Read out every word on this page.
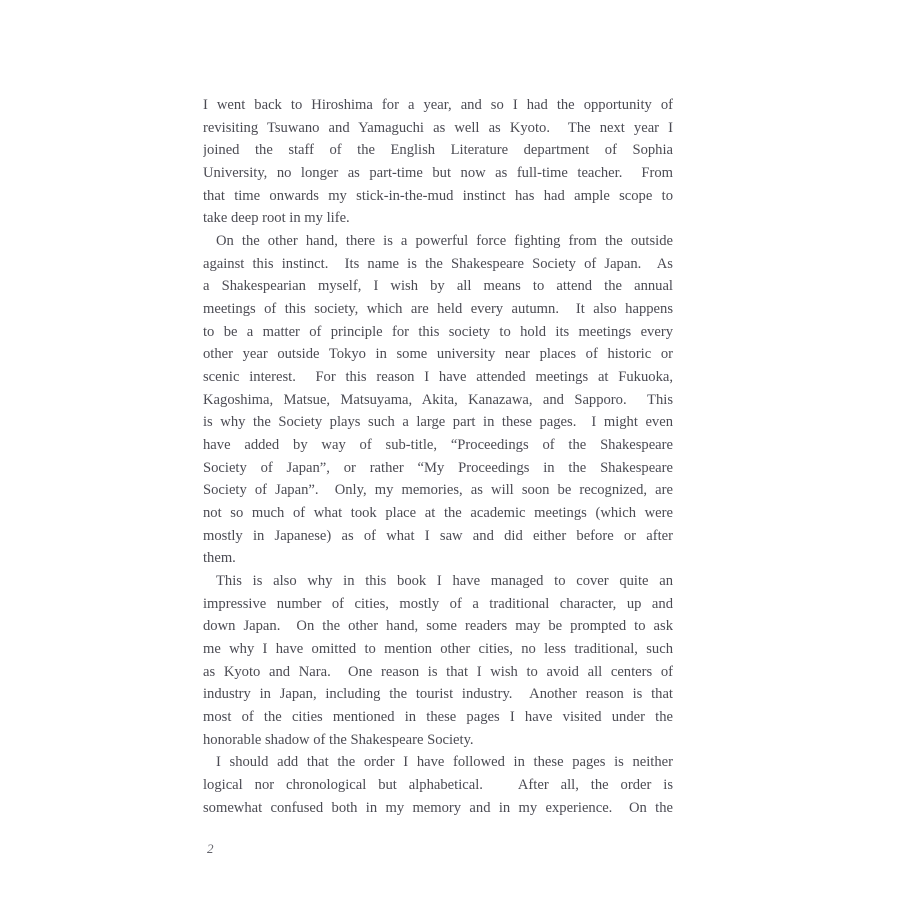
I went back to Hiroshima for a year, and so I had the opportunity of
revisiting Tsuwano and Yamaguchi as well as Kyoto.  The next year I
joined the staff of the English Literature department of Sophia
University, no longer as part-time but now as full-time teacher.  From
that time onwards my stick-in-the-mud instinct has had ample scope to
take deep root in my life.
On the other hand, there is a powerful force fighting from the outside
against this instinct.  Its name is the Shakespeare Society of Japan.  As
a Shakespearian myself, I wish by all means to attend the annual
meetings of this society, which are held every autumn.  It also happens
to be a matter of principle for this society to hold its meetings every
other year outside Tokyo in some university near places of historic or
scenic interest.  For this reason I have attended meetings at Fukuoka,
Kagoshima, Matsue, Matsuyama, Akita, Kanazawa, and Sapporo.  This
is why the Society plays such a large part in these pages.  I might even
have added by way of sub-title, “Proceedings of the Shakespeare
Society of Japan”, or rather “My Proceedings in the Shakespeare
Society of Japan”.  Only, my memories, as will soon be recognized, are
not so much of what took place at the academic meetings (which were
mostly in Japanese) as of what I saw and did either before or after
them.
This is also why in this book I have managed to cover quite an
impressive number of cities, mostly of a traditional character, up and
down Japan.  On the other hand, some readers may be prompted to ask
me why I have omitted to mention other cities, no less traditional, such
as Kyoto and Nara.  One reason is that I wish to avoid all centers of
industry in Japan, including the tourist industry.  Another reason is that
most of the cities mentioned in these pages I have visited under the
honorable shadow of the Shakespeare Society.
I should add that the order I have followed in these pages is neither
logical nor chronological but alphabetical.   After all, the order is
somewhat confused both in my memory and in my experience.  On the
2
